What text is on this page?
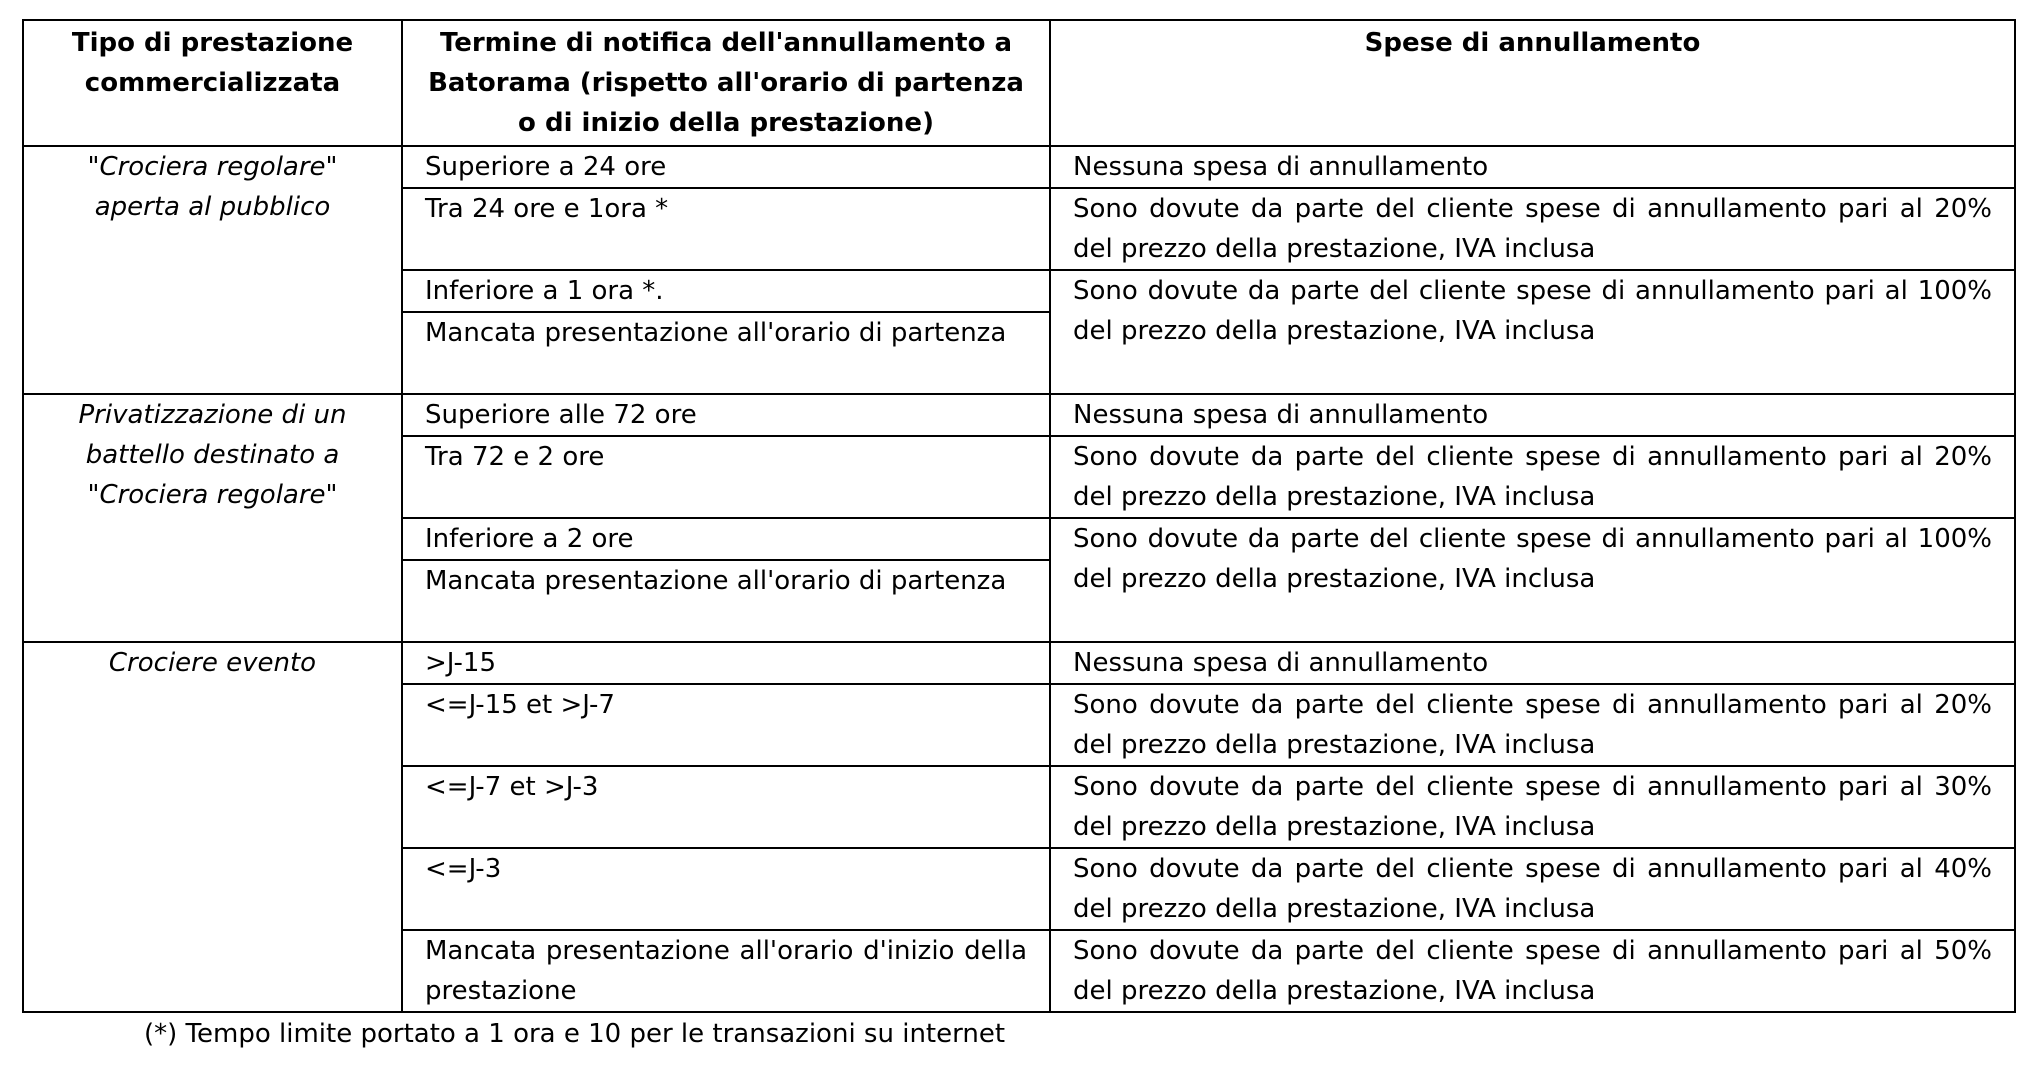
Tipo di prestazione commercializzata	Termine di notifica dell'annullamento a Batorama (rispetto all'orario di partenza o di inizio della prestazione)	Spese di annullamento
"Crociera regolare" aperta al pubblico	Superiore a 24 ore	Nessuna spesa di annullamento
	Tra 24 ore e 1ora *	Sono dovute da parte del cliente spese di annullamento pari al 20% del prezzo della prestazione, IVA inclusa
	Inferiore a 1 ora *.	Sono dovute da parte del cliente spese di annullamento pari al 100% del prezzo della prestazione, IVA inclusa
	Mancata presentazione all'orario di partenza	
Privatizzazione di un battello destinato a "Crociera regolare"	Superiore alle 72 ore	Nessuna spesa di annullamento
	Tra 72 e 2 ore	Sono dovute da parte del cliente spese di annullamento pari al 20% del prezzo della prestazione, IVA inclusa
	Inferiore a 2 ore	Sono dovute da parte del cliente spese di annullamento pari al 100% del prezzo della prestazione, IVA inclusa
	Mancata presentazione all'orario di partenza	
Crociere evento	>J-15	Nessuna spesa di annullamento
	<=J-15 et >J-7	Sono dovute da parte del cliente spese di annullamento pari al 20% del prezzo della prestazione, IVA inclusa
	<=J-7 et >J-3	Sono dovute da parte del cliente spese di annullamento pari al 30% del prezzo della prestazione, IVA inclusa
	<=J-3	Sono dovute da parte del cliente spese di annullamento pari al 40% del prezzo della prestazione, IVA inclusa
	Mancata presentazione all'orario d'inizio della prestazione	Sono dovute da parte del cliente spese di annullamento pari al 50% del prezzo della prestazione, IVA inclusa
(*) Tempo limite portato a 1 ora e 10 per le transazioni su internet
